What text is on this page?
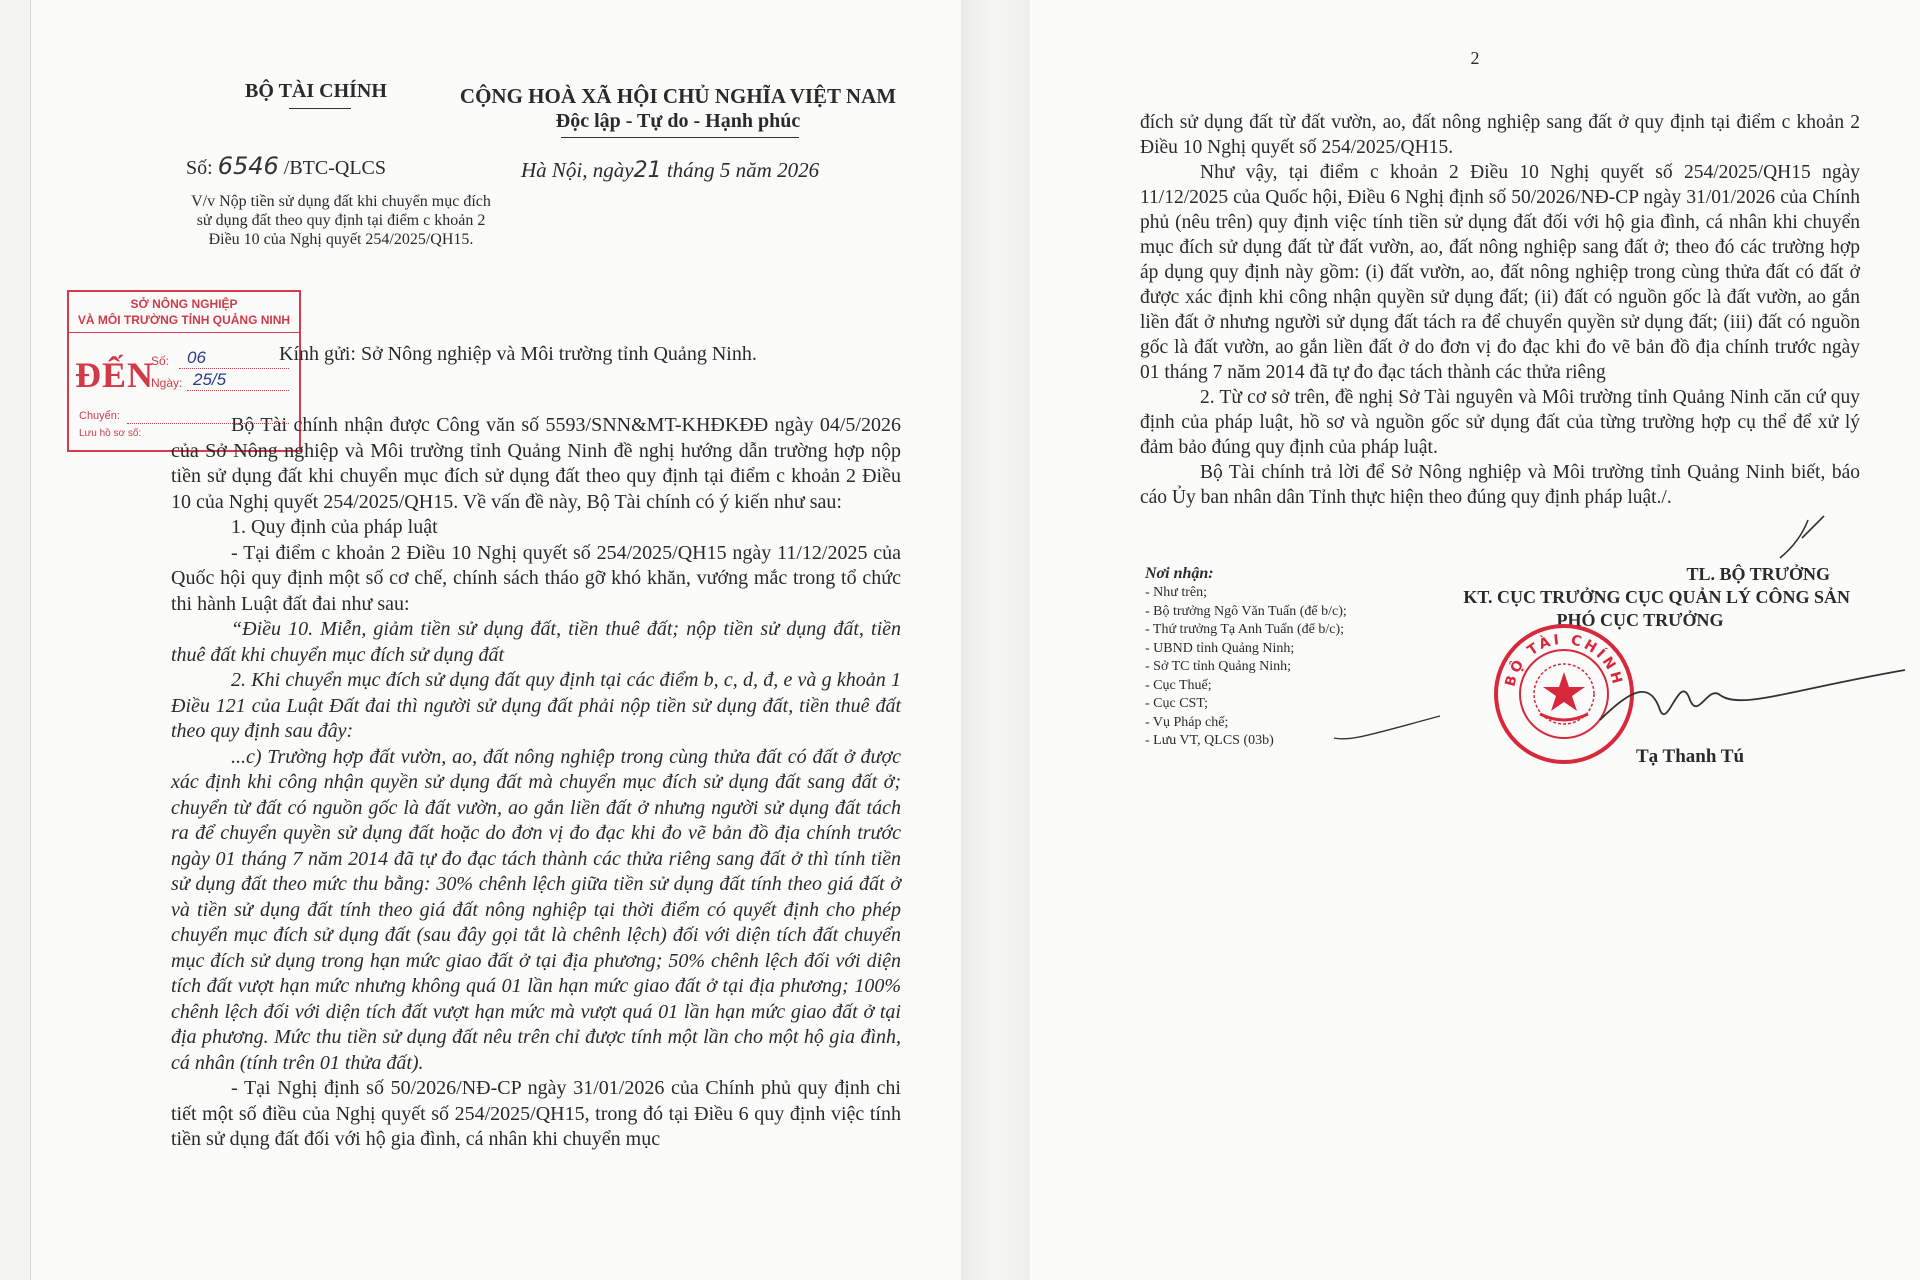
BỘ TÀI CHÍNH	CỘNG HOÀ XÃ HỘI CHỦ NGHĨA VIỆT NAM
Độc lập - Tự do - Hạnh phúc
Số: 6546 /BTC-QLCS	Hà Nội, ngày21 tháng 5 năm 2026
V/v Nộp tiền sử dụng đất khi chuyển mục đích sử dụng đất theo quy định tại điểm c khoản 2 Điều 10 của Nghị quyết 254/2025/QH15.
SỞ NÔNG NGHIỆP
VÀ MÔI TRƯỜNG TỈNH QUẢNG NINH
ĐẾN
Số: 06
Ngày: 25/5
Chuyển:
Lưu hồ sơ số:
Kính gửi: Sở Nông nghiệp và Môi trường tỉnh Quảng Ninh.

Bộ Tài chính nhận được Công văn số 5593/SNN&MT-KHĐKĐĐ ngày 04/5/2026 của Sở Nông nghiệp và Môi trường tỉnh Quảng Ninh đề nghị hướng dẫn trường hợp nộp tiền sử dụng đất khi chuyển mục đích sử dụng đất theo quy định tại điểm c khoản 2 Điều 10 của Nghị quyết 254/2025/QH15. Về vấn đề này, Bộ Tài chính có ý kiến như sau:

1. Quy định của pháp luật

- Tại điểm c khoản 2 Điều 10 Nghị quyết số 254/2025/QH15 ngày 11/12/2025 của Quốc hội quy định một số cơ chế, chính sách tháo gỡ khó khăn, vướng mắc trong tổ chức thi hành Luật đất đai như sau:

“Điều 10. Miễn, giảm tiền sử dụng đất, tiền thuê đất; nộp tiền sử dụng đất, tiền thuê đất khi chuyển mục đích sử dụng đất

2. Khi chuyển mục đích sử dụng đất quy định tại các điểm b, c, d, đ, e và g khoản 1 Điều 121 của Luật Đất đai thì người sử dụng đất phải nộp tiền sử dụng đất, tiền thuê đất theo quy định sau đây:

...c) Trường hợp đất vườn, ao, đất nông nghiệp trong cùng thửa đất có đất ở được xác định khi công nhận quyền sử dụng đất mà chuyển mục đích sử dụng đất sang đất ở; chuyển từ đất có nguồn gốc là đất vườn, ao gắn liền đất ở nhưng người sử dụng đất tách ra để chuyển quyền sử dụng đất hoặc do đơn vị đo đạc khi đo vẽ bản đồ địa chính trước ngày 01 tháng 7 năm 2014 đã tự đo đạc tách thành các thửa riêng sang đất ở thì tính tiền sử dụng đất theo mức thu bằng: 30% chênh lệch giữa tiền sử dụng đất tính theo giá đất ở và tiền sử dụng đất tính theo giá đất nông nghiệp tại thời điểm có quyết định cho phép chuyển mục đích sử dụng đất (sau đây gọi tắt là chênh lệch) đối với diện tích đất chuyển mục đích sử dụng trong hạn mức giao đất ở tại địa phương; 50% chênh lệch đối với diện tích đất vượt hạn mức nhưng không quá 01 lần hạn mức giao đất ở tại địa phương; 100% chênh lệch đối với diện tích đất vượt hạn mức mà vượt quá 01 lần hạn mức giao đất ở tại địa phương. Mức thu tiền sử dụng đất nêu trên chỉ được tính một lần cho một hộ gia đình, cá nhân (tính trên 01 thửa đất).

- Tại Nghị định số 50/2026/NĐ-CP ngày 31/01/2026 của Chính phủ quy định chi tiết một số điều của Nghị quyết số 254/2025/QH15, trong đó tại Điều 6 quy định việc tính tiền sử dụng đất đối với hộ gia đình, cá nhân khi chuyển mục

2

đích sử dụng đất từ đất vườn, ao, đất nông nghiệp sang đất ở quy định tại điểm c khoản 2 Điều 10 Nghị quyết số 254/2025/QH15.

Như vậy, tại điểm c khoản 2 Điều 10 Nghị quyết số 254/2025/QH15 ngày 11/12/2025 của Quốc hội, Điều 6 Nghị định số 50/2026/NĐ-CP ngày 31/01/2026 của Chính phủ (nêu trên) quy định việc tính tiền sử dụng đất đối với hộ gia đình, cá nhân khi chuyển mục đích sử dụng đất từ đất vườn, ao, đất nông nghiệp sang đất ở; theo đó các trường hợp áp dụng quy định này gồm: (i) đất vườn, ao, đất nông nghiệp trong cùng thửa đất có đất ở được xác định khi công nhận quyền sử dụng đất; (ii) đất có nguồn gốc là đất vườn, ao gắn liền đất ở nhưng người sử dụng đất tách ra để chuyển quyền sử dụng đất; (iii) đất có nguồn gốc là đất vườn, ao gắn liền đất ở do đơn vị đo đạc khi đo vẽ bản đồ địa chính trước ngày 01 tháng 7 năm 2014 đã tự đo đạc tách thành các thửa riêng

2. Từ cơ sở trên, đề nghị Sở Tài nguyên và Môi trường tỉnh Quảng Ninh căn cứ quy định của pháp luật, hồ sơ và nguồn gốc sử dụng đất của từng trường hợp cụ thể để xử lý đảm bảo đúng quy định của pháp luật.

Bộ Tài chính trả lời để Sở Nông nghiệp và Môi trường tỉnh Quảng Ninh biết, báo cáo Ủy ban nhân dân Tỉnh thực hiện theo đúng quy định pháp luật./.

Nơi nhận:
- Như trên;
- Bộ trưởng Ngô Văn Tuấn (để b/c);
- Thứ trưởng Tạ Anh Tuấn (để b/c);
- UBND tỉnh Quảng Ninh;
- Sở TC tỉnh Quảng Ninh;
- Cục Thuế;
- Cục CST;
- Vụ Pháp chế;
- Lưu VT, QLCS (03b)
TL. BỘ TRƯỞNG
KT. CỤC TRƯỞNG CỤC QUẢN LÝ CÔNG SẢN
PHÓ CỤC TRƯỞNG
BỘ TÀI CHÍNH
Tạ Thanh Tú
